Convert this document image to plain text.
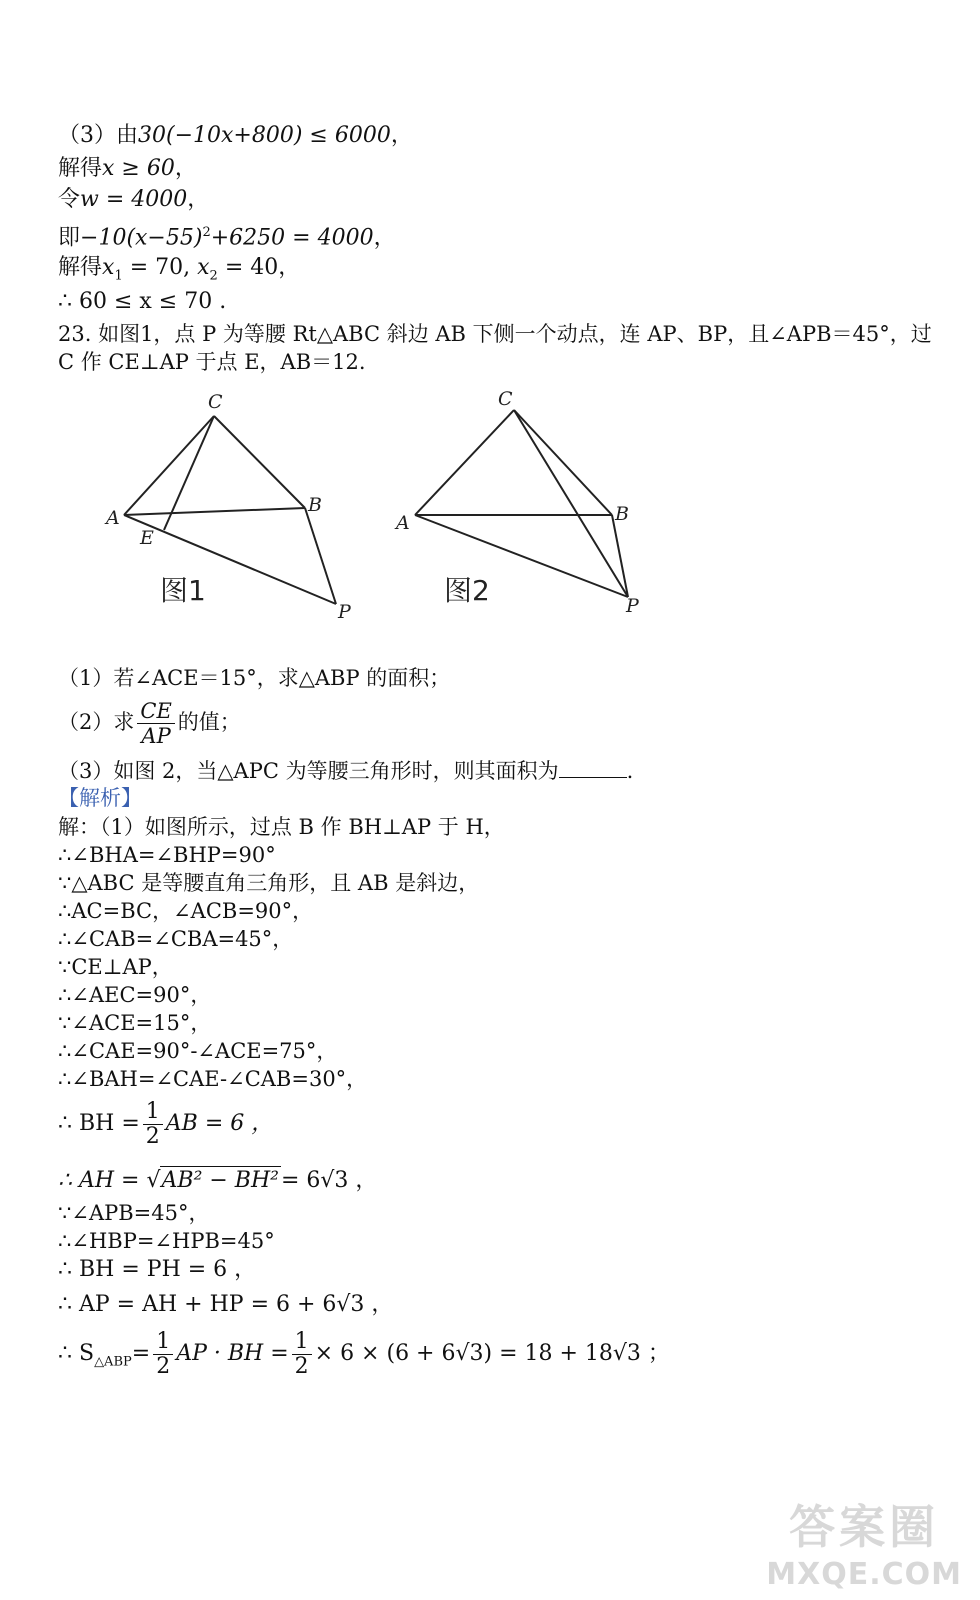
（3）由30(−10x+800) ≤ 6000，
解得x ≥ 60，
令w = 4000，
即$-10(x-55)^2+6250 = 4000$，
解得$x_1 = 70$, $x_2 = 40$，
∴ 60 ≤ x ≤ 70 .
23. 如图1，点 P 为等腰 Rt△ABC 斜边 AB 下侧一个动点，连 AP、BP，且∠APB＝45°，过
C 作 CE⊥AP 于点 E，AB＝12.
C
A
B
E
P
图1
C
A	B
P
图2
（1）若∠ACE＝15°，求△ABP 的面积；
（2）求 $\frac{CE}{AP}$ 的值；
（3）如图 2，当△APC 为等腰三角形时，则其面积为	.
【解析】
解：（1）如图所示，过点 B 作 BH⊥AP 于 H，
∴∠BHA=∠BHP=90°
∵△ABC 是等腰直角三角形，且 AB 是斜边，
∴AC=BC，∠ACB=90°，
∴∠CAB=∠CBA=45°，
∵CE⊥AP，
∴∠AEC=90°，
∵∠ACE=15°，
∴∠CAE=90°-∠ACE=75°，
∴∠BAH=∠CAE-∠CAB=30°，
∴ BH = $\frac{1}{2}$ AB = 6 ，
∴ AH = √AB² − BH²= 6√3 ，
∵∠APB=45°，
∴∠HBP=∠HPB=45°
∴ BH = PH = 6 ，
∴ AP = AH + HP = 6 + 6√3 ，
∴ $S_{\triangle ABP}= \frac{1}{2}$ AP · BH = $\frac{1}{2} \times 6 \times (6 + 6√3) = 18 + 18√3$ ；
答案圈
MXQE.COM
